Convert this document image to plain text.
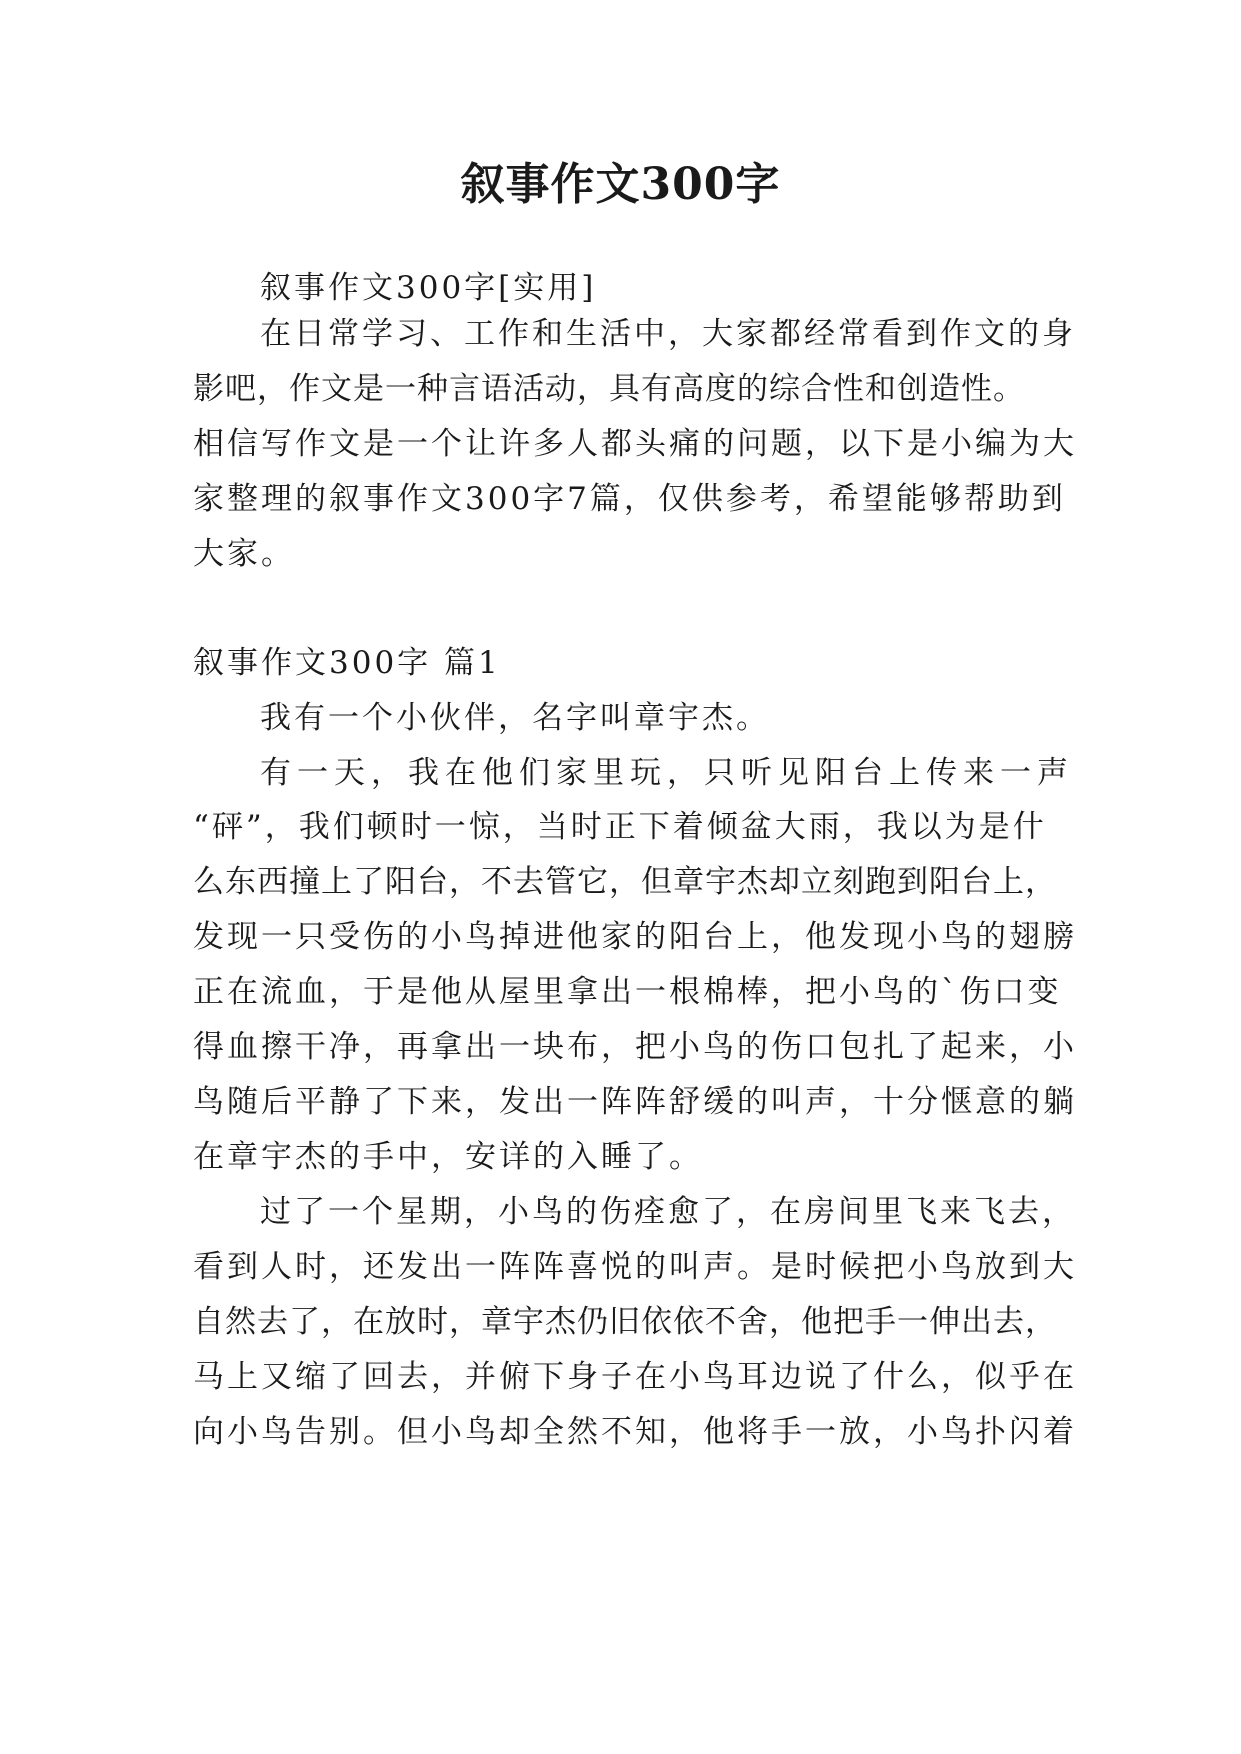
叙事作文300字
叙事作文300字[实用]
在日常学习、工作和生活中，大家都经常看到作文的身
影吧，作文是一种言语活动，具有高度的综合性和创造性。
相信写作文是一个让许多人都头痛的问题，以下是小编为大
家整理的叙事作文300字7篇，仅供参考，希望能够帮助到
大家。
叙事作文300字 篇1
我有一个小伙伴，名字叫章宇杰。
有一天，我在他们家里玩，只听见阳台上传来一声
“砰”，我们顿时一惊，当时正下着倾盆大雨，我以为是什
么东西撞上了阳台，不去管它，但章宇杰却立刻跑到阳台上，
发现一只受伤的小鸟掉进他家的阳台上，他发现小鸟的翅膀
正在流血，于是他从屋里拿出一根棉棒，把小鸟的`伤口变
得血擦干净，再拿出一块布，把小鸟的伤口包扎了起来，小
鸟随后平静了下来，发出一阵阵舒缓的叫声，十分惬意的躺
在章宇杰的手中，安详的入睡了。
过了一个星期，小鸟的伤痊愈了，在房间里飞来飞去，
看到人时，还发出一阵阵喜悦的叫声。是时候把小鸟放到大
自然去了，在放时，章宇杰仍旧依依不舍，他把手一伸出去，
马上又缩了回去，并俯下身子在小鸟耳边说了什么，似乎在
向小鸟告别。但小鸟却全然不知，他将手一放，小鸟扑闪着
